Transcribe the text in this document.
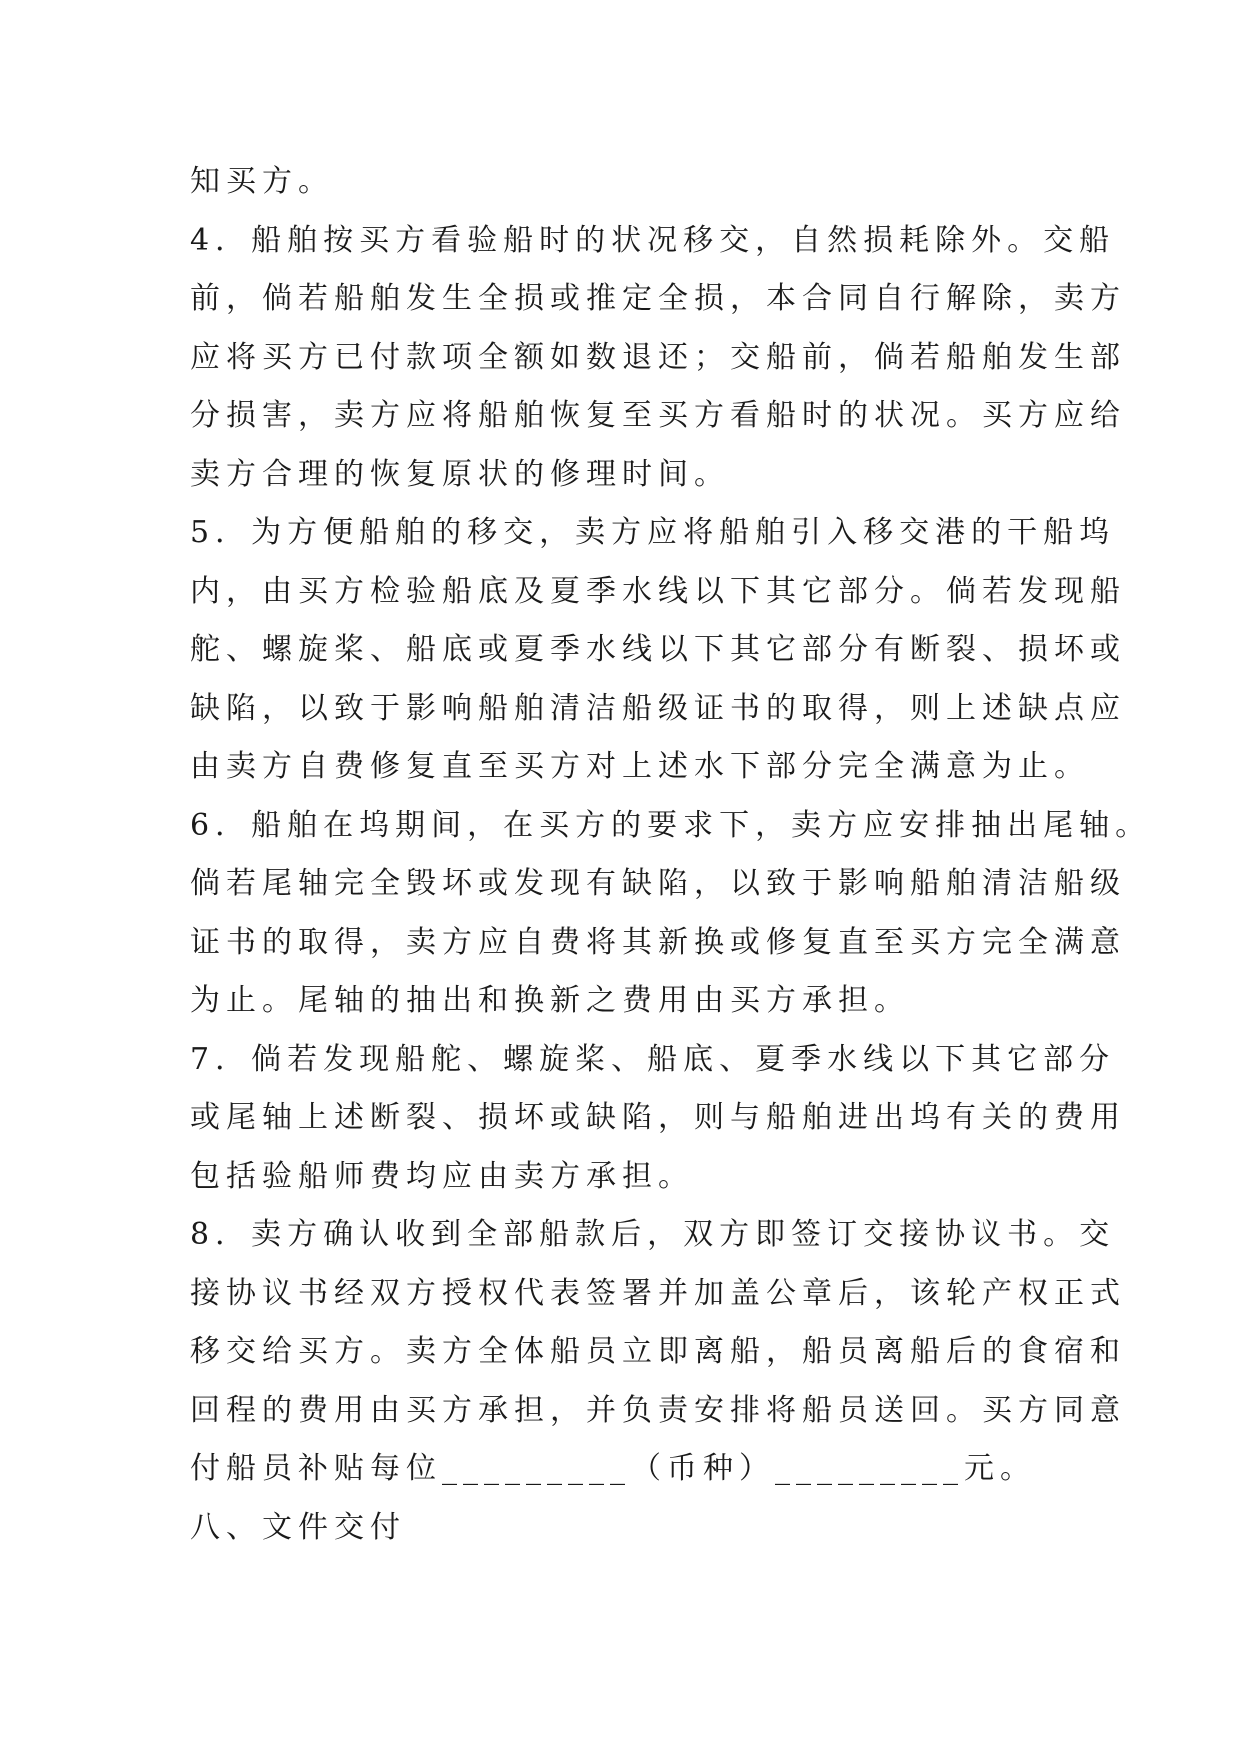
知买方。
4．船舶按买方看验船时的状况移交，自然损耗除外。交船
前，倘若船舶发生全损或推定全损，本合同自行解除，卖方
应将买方已付款项全额如数退还；交船前，倘若船舶发生部
分损害，卖方应将船舶恢复至买方看船时的状况。买方应给
卖方合理的恢复原状的修理时间。
5．为方便船舶的移交，卖方应将船舶引入移交港的干船坞
内，由买方检验船底及夏季水线以下其它部分。倘若发现船
舵、螺旋桨、船底或夏季水线以下其它部分有断裂、损坏或
缺陷，以致于影响船舶清洁船级证书的取得，则上述缺点应
由卖方自费修复直至买方对上述水下部分完全满意为止。
6．船舶在坞期间，在买方的要求下，卖方应安排抽出尾轴。
倘若尾轴完全毁坏或发现有缺陷，以致于影响船舶清洁船级
证书的取得，卖方应自费将其新换或修复直至买方完全满意
为止。尾轴的抽出和换新之费用由买方承担。
7．倘若发现船舵、螺旋桨、船底、夏季水线以下其它部分
或尾轴上述断裂、损坏或缺陷，则与船舶进出坞有关的费用
包括验船师费均应由卖方承担。
8．卖方确认收到全部船款后，双方即签订交接协议书。交
接协议书经双方授权代表签署并加盖公章后，该轮产权正式
移交给买方。卖方全体船员立即离船，船员离船后的食宿和
回程的费用由买方承担，并负责安排将船员送回。买方同意
付船员补贴每位_________（币种）_________元。
八、文件交付
